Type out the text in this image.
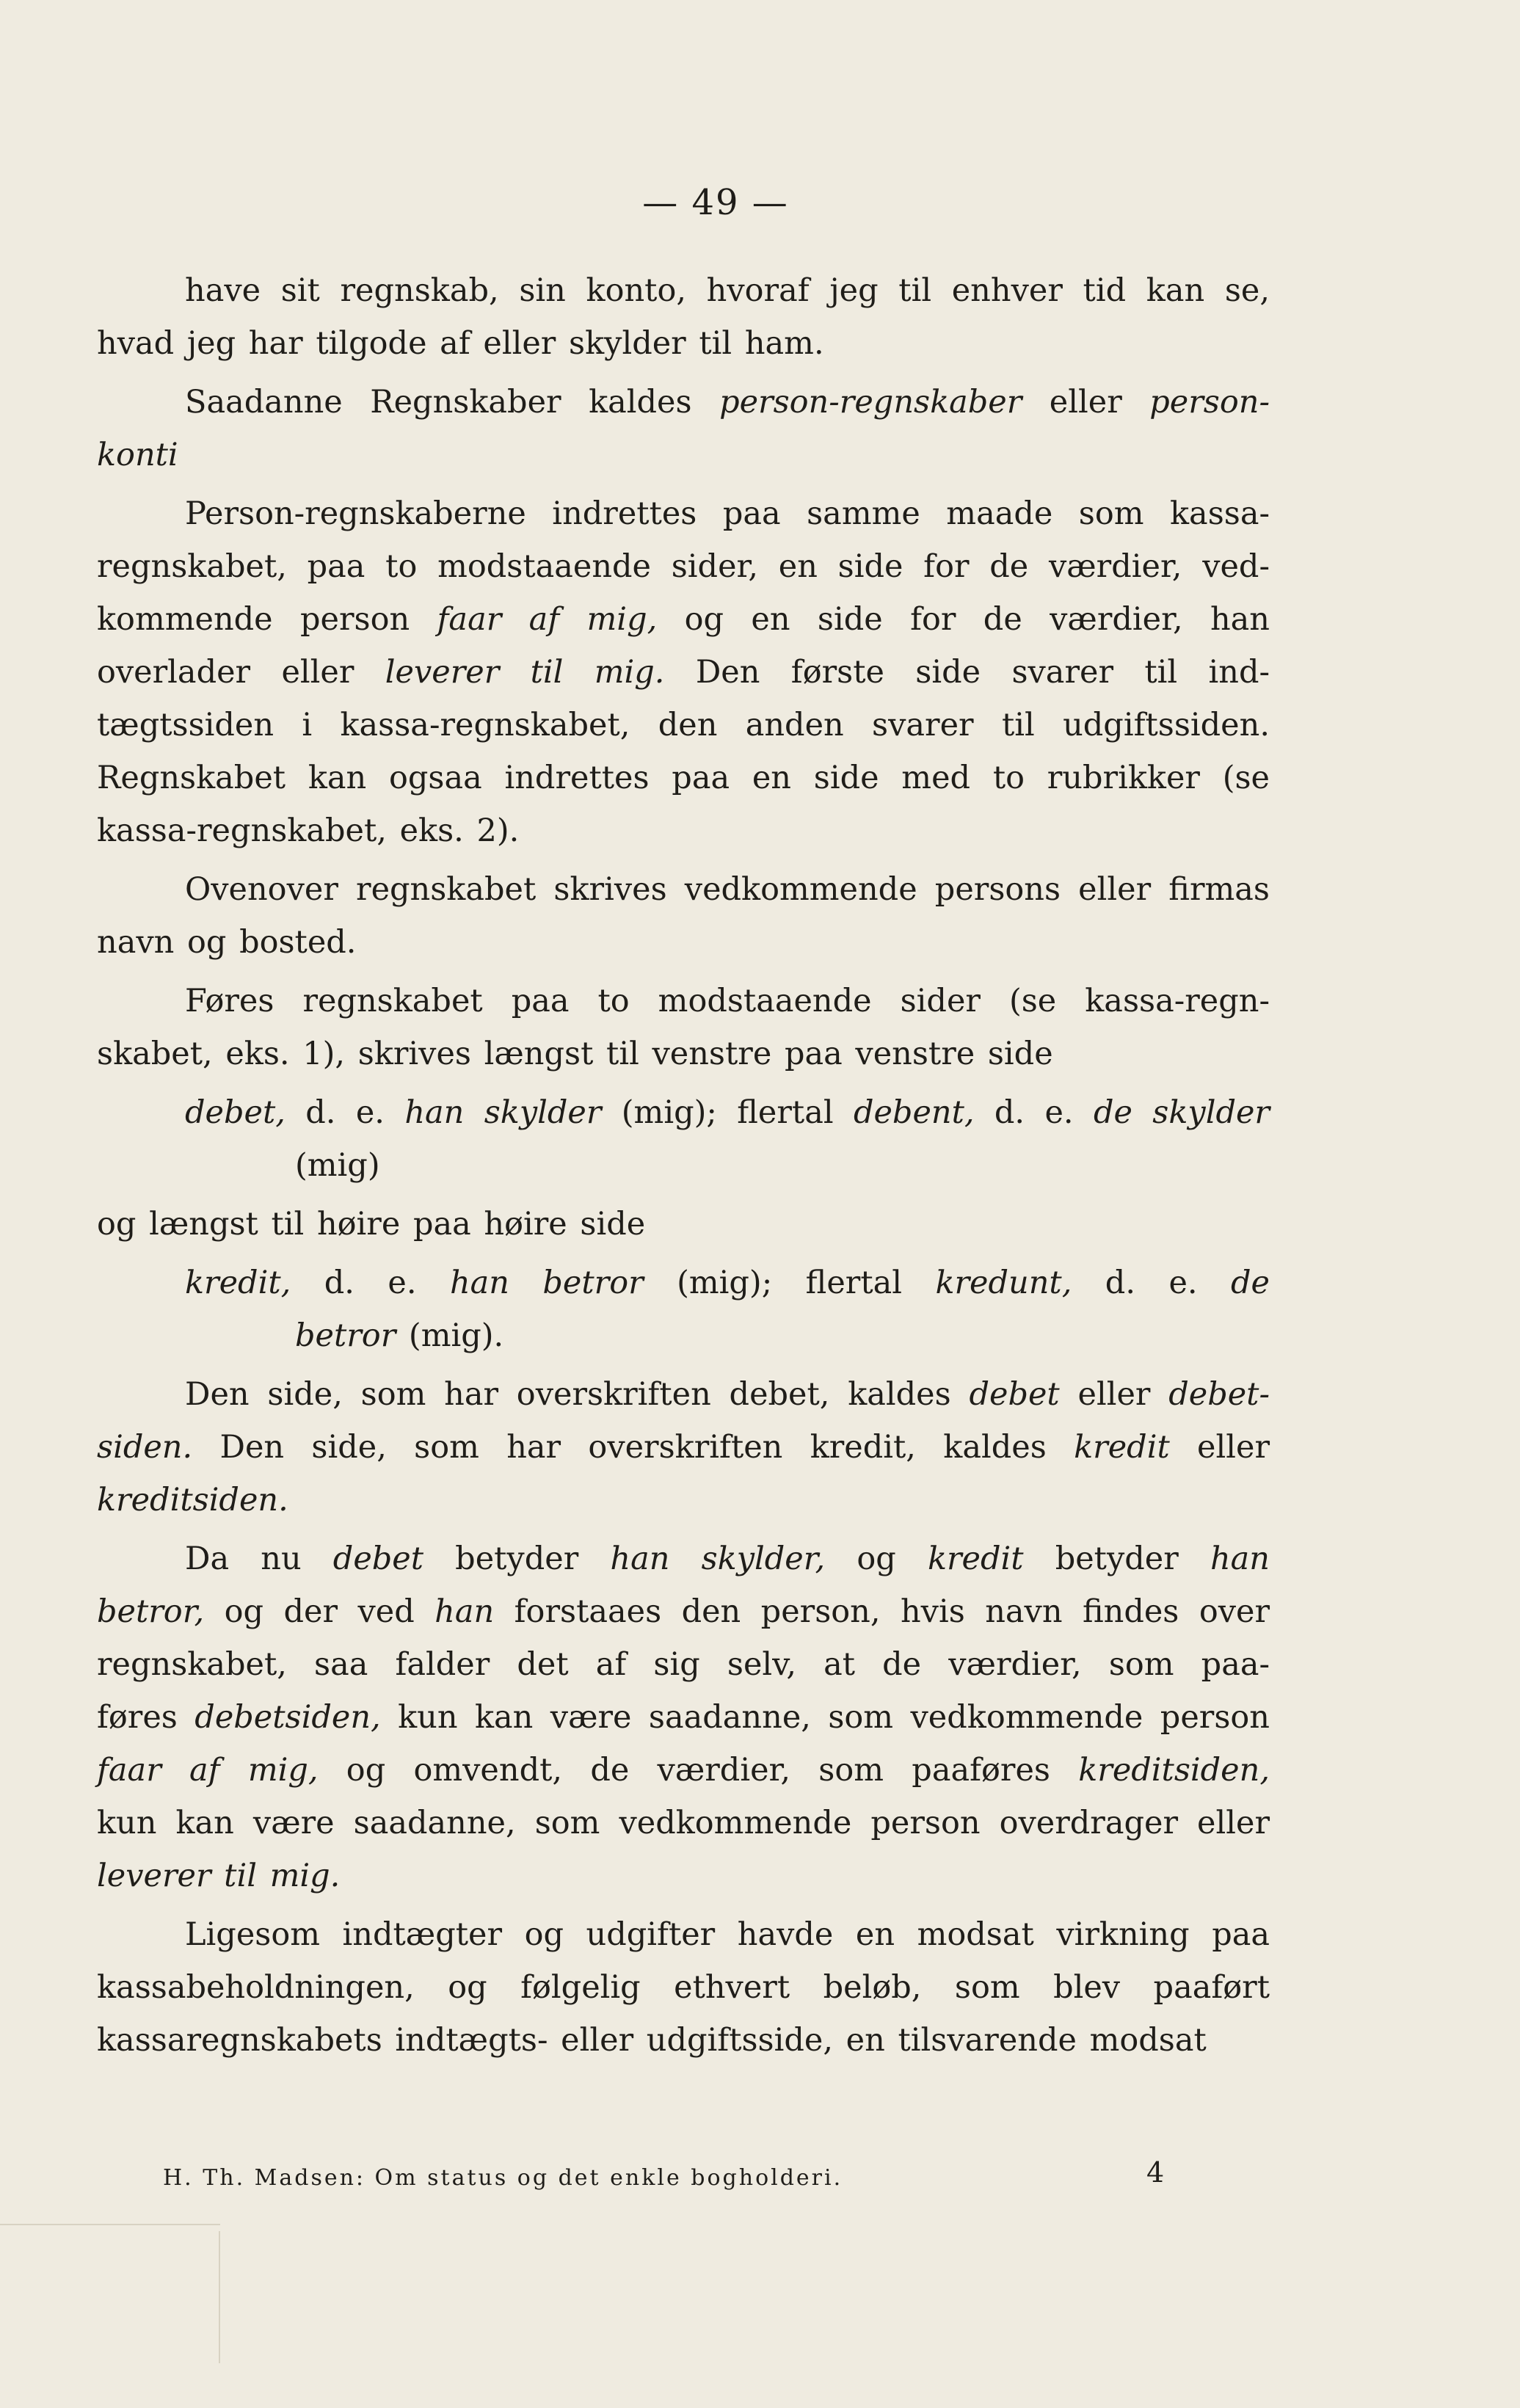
— 49 —
have sit regnskab, sin konto, hvoraf jeg til enhver tid kan se,
hvad jeg har tilgode af eller skylder til ham.
Saadanne Regnskaber kaldes person-regnskaber eller person-
konti
Person-regnskaberne indrettes paa samme maade som kassa-
regnskabet, paa to modstaaende sider, en side for de værdier, ved-
kommende person faar af mig, og en side for de værdier, han
overlader eller leverer til mig. Den første side svarer til ind-
tægtssiden i kassa-regnskabet, den anden svarer til udgiftssiden.
Regnskabet kan ogsaa indrettes paa en side med to rubrikker (se
kassa-regnskabet, eks. 2).
Ovenover regnskabet skrives vedkommende persons eller firmas
navn og bosted.
Føres regnskabet paa to modstaaende sider (se kassa-regn-
skabet, eks. 1), skrives længst til venstre paa venstre side
debet, d. e. han skylder (mig); flertal debent, d. e. de skylder
(mig)
og længst til høire paa høire side
kredit, d. e. han betror (mig); flertal kredunt, d. e. de
betror (mig).
Den side, som har overskriften debet, kaldes debet eller debet-
siden. Den side, som har overskriften kredit, kaldes kredit eller
kreditsiden.
Da nu debet betyder han skylder, og kredit betyder han
betror, og der ved han forstaaes den person, hvis navn findes over
regnskabet, saa falder det af sig selv, at de værdier, som paa-
føres debetsiden, kun kan være saadanne, som vedkommende person
faar af mig, og omvendt, de værdier, som paaføres kreditsiden,
kun kan være saadanne, som vedkommende person overdrager eller
leverer til mig.
Ligesom indtægter og udgifter havde en modsat virkning paa
kassabeholdningen, og følgelig ethvert beløb, som blev paaført
kassaregnskabets indtægts- eller udgiftsside, en tilsvarende modsat
H. Th. Madsen: Om status og det enkle bogholderi.	4
